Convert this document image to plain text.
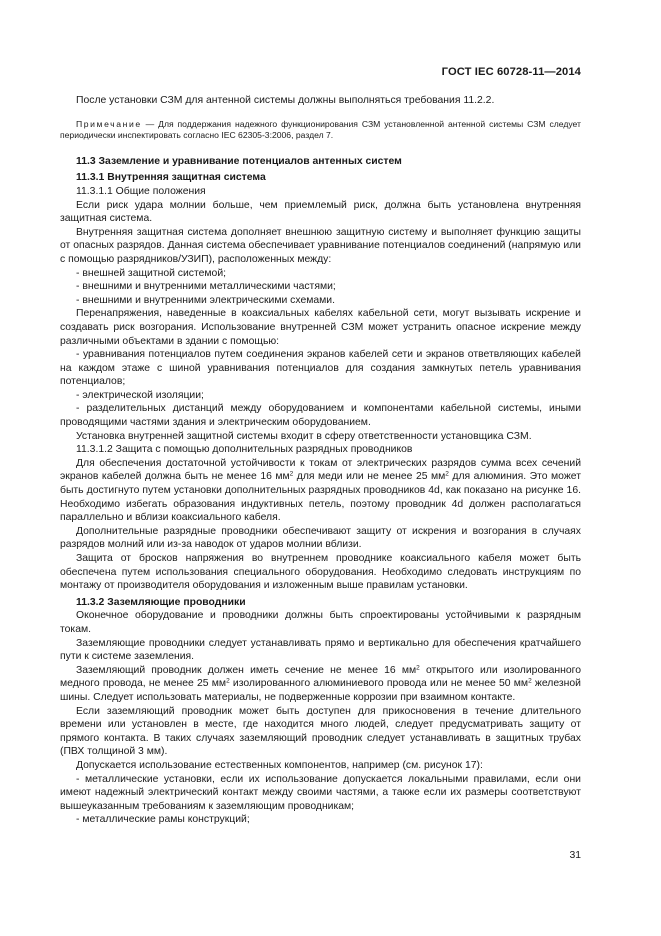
ГОСТ IEC 60728-11—2014

После установки СЗМ для антенной системы должны выполняться требования 11.2.2.

Примечание — Для поддержания надежного функционирования СЗМ установленной антенной системы СЗМ следует периодически инспектировать согласно IEC 62305-3:2006, раздел 7.

11.3 Заземление и уравнивание потенциалов антенных систем

11.3.1 Внутренняя защитная система

11.3.1.1 Общие положения

Если риск удара молнии больше, чем приемлемый риск, должна быть установлена внутренняя защитная система.

Внутренняя защитная система дополняет внешнюю защитную систему и выполняет функцию защиты от опасных разрядов. Данная система обеспечивает уравнивание потенциалов соединений (напрямую или с помощью разрядников/УЗИП), расположенных между:

- внешней защитной системой;

- внешними и внутренними металлическими частями;

- внешними и внутренними электрическими схемами.

Перенапряжения, наведенные в коаксиальных кабелях кабельной сети, могут вызывать искрение и создавать риск возгорания. Использование внутренней СЗМ может устранить опасное искрение между различными объектами в здании с помощью:

- уравнивания потенциалов путем соединения экранов кабелей сети и экранов ответвляющих кабелей на каждом этаже с шиной уравнивания потенциалов для создания замкнутых петель уравнивания потенциалов;

- электрической изоляции;

- разделительных дистанций между оборудованием и компонентами кабельной системы, иными проводящими частями здания и электрическим оборудованием.

Установка внутренней защитной системы входит в сферу ответственности установщика СЗМ.

11.3.1.2 Защита с помощью дополнительных разрядных проводников

Для обеспечения достаточной устойчивости к токам от электрических разрядов сумма всех сечений экранов кабелей должна быть не менее 16 $мм^2$ для меди или не менее 25 $мм^2$ для алюминия. Это может быть достигнуто путем установки дополнительных разрядных проводников 4d, как показано на рисунке 16. Необходимо избегать образования индуктивных петель, поэтому проводник 4d должен располагаться параллельно и вблизи коаксиального кабеля.

Дополнительные разрядные проводники обеспечивают защиту от искрения и возгорания в случаях разрядов молний или из-за наводок от ударов молнии вблизи.

Защита от бросков напряжения во внутреннем проводнике коаксиального кабеля может быть обеспечена путем использования специального оборудования. Необходимо следовать инструкциям по монтажу от производителя оборудования и изложенным выше правилам установки.

11.3.2 Заземляющие проводники

Оконечное оборудование и проводники должны быть спроектированы устойчивыми к разрядным токам.

Заземляющие проводники следует устанавливать прямо и вертикально для обеспечения кратчайшего пути к системе заземления.

Заземляющий проводник должен иметь сечение не менее 16 $мм^2$ открытого или изолированного медного провода, не менее 25 $мм^2$ изолированного алюминиевого провода или не менее 50 $мм^2$ железной шины. Следует использовать материалы, не подверженные коррозии при взаимном контакте.

Если заземляющий проводник может быть доступен для прикосновения в течение длительного времени или установлен в месте, где находится много людей, следует предусматривать защиту от прямого контакта. В таких случаях заземляющий проводник следует устанавливать в защитных трубах (ПВХ толщиной 3 мм).

Допускается использование естественных компонентов, например (см. рисунок 17):

- металлические установки, если их использование допускается локальными правилами, если они имеют надежный электрический контакт между своими частями, а также если их размеры соответствуют вышеуказанным требованиям к заземляющим проводникам;

- металлические рамы конструкций;

31
